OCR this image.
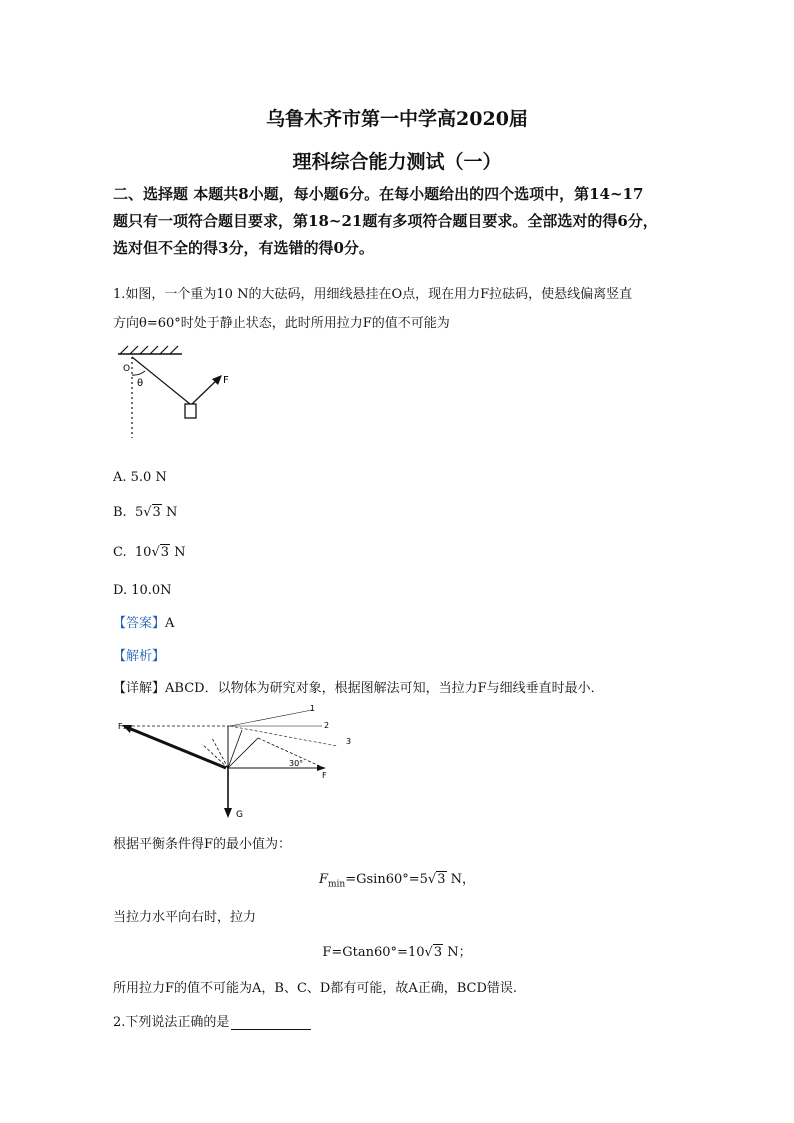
乌鲁木齐市第一中学高2020届
理科综合能力测试（一）
二、选择题 本题共8小题，每小题6分。在每小题给出的四个选项中，第14~17
题只有一项符合题目要求，第18~21题有多项符合题目要求。全部选对的得6分，
选对但不全的得3分，有选错的得0分。
1.如图，一个重为10 N的大砝码，用细线悬挂在O点，现在用力F拉砝码，使悬线偏离竖直
方向θ=60°时处于静止状态，此时所用拉力F的值不可能为
O
θ	F
A. 5.0 N
B. 5√3 N
C. 10√3 N
D. 10.0N
【答案】A
【解析】
【详解】ABCD．以物体为研究对象，根据图解法可知，当拉力F与细线垂直时最小．
F₁
1
2
3
30°
F
G
根据平衡条件得F的最小值为：
$F_{min}=Gsin60^\circ=5√3$ N，
当拉力水平向右时，拉力
F=Gtan60°=10√3 N；
所用拉力F的值不可能为A，B、C、D都有可能，故A正确，BCD错误.
2.下列说法正确的是
